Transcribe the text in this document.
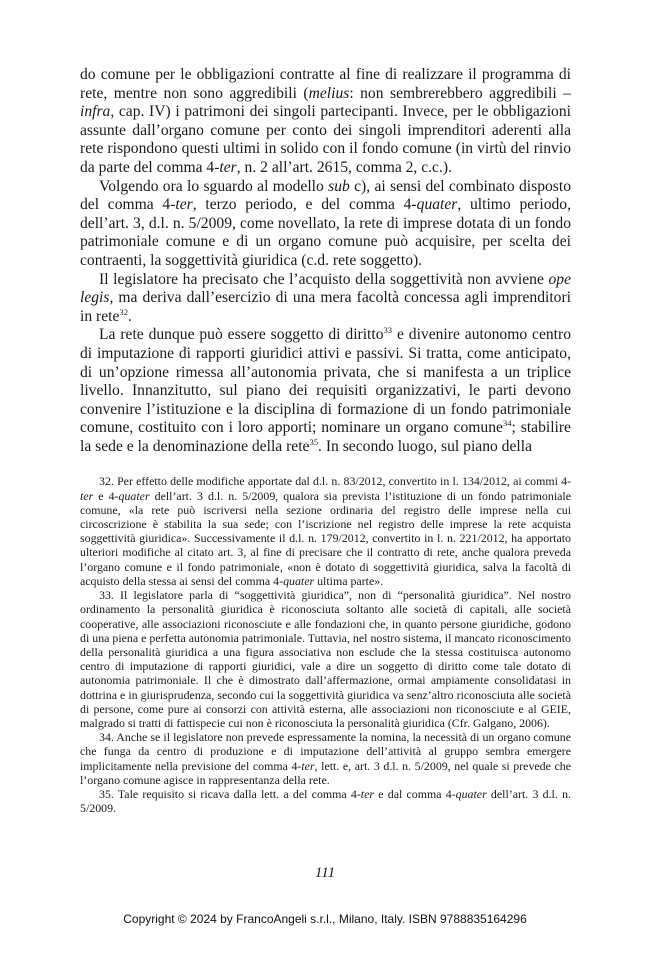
do comune per le obbligazioni contratte al fine di realizzare il programma di rete, mentre non sono aggredibili (melius: non sembrerebbero aggredibili – infra, cap. IV) i patrimoni dei singoli partecipanti. Invece, per le obbligazioni assunte dall’organo comune per conto dei singoli imprenditori aderenti alla rete rispondono questi ultimi in solido con il fondo comune (in virtù del rinvio da parte del comma 4-ter, n. 2 all’art. 2615, comma 2, c.c.).

Volgendo ora lo sguardo al modello sub c), ai sensi del combinato disposto del comma 4-ter, terzo periodo, e del comma 4-quater, ultimo periodo, dell’art. 3, d.l. n. 5/2009, come novellato, la rete di imprese dotata di un fondo patrimoniale comune e di un organo comune può acquisire, per scelta dei contraenti, la soggettività giuridica (c.d. rete soggetto).

Il legislatore ha precisato che l’acquisto della soggettività non avviene ope legis, ma deriva dall’esercizio di una mera facoltà concessa agli imprenditori in rete$^{32}$.

La rete dunque può essere soggetto di diritto$^{33}$ e divenire autonomo centro di imputazione di rapporti giuridici attivi e passivi. Si tratta, come anticipato, di un’opzione rimessa all’autonomia privata, che si manifesta a un triplice livello. Innanzitutto, sul piano dei requisiti organizzativi, le parti devono convenire l’istituzione e la disciplina di formazione di un fondo patrimoniale comune, costituito con i loro apporti; nominare un organo comune$^{34}$; stabilire la sede e la denominazione della rete$^{35}$. In secondo luogo, sul piano della

32. Per effetto delle modifiche apportate dal d.l. n. 83/2012, convertito in l. 134/2012, ai commi 4-ter e 4-quater dell’art. 3 d.l. n. 5/2009, qualora sia prevista l’istituzione di un fondo patrimoniale comune, «la rete può iscriversi nella sezione ordinaria del registro delle imprese nella cui circoscrizione è stabilita la sua sede; con l’iscrizione nel registro delle imprese la rete acquista soggettività giuridica». Successivamente il d.l. n. 179/2012, convertito in l. n. 221/2012, ha apportato ulteriori modifiche al citato art. 3, al fine di precisare che il contratto di rete, anche qualora preveda l’organo comune e il fondo patrimoniale, «non è dotato di soggettività giuridica, salva la facoltà di acquisto della stessa ai sensi del comma 4-quater ultima parte».

33. Il legislatore parla di “soggettività giuridica”, non di “personalità giuridica”. Nel nostro ordinamento la personalità giuridica è riconosciuta soltanto alle società di capitali, alle società cooperative, alle associazioni riconosciute e alle fondazioni che, in quanto persone giuridiche, godono di una piena e perfetta autonomia patrimoniale. Tuttavia, nel nostro sistema, il mancato riconoscimento della personalità giuridica a una figura associativa non esclude che la stessa costituisca autonomo centro di imputazione di rapporti giuridici, vale a dire un soggetto di diritto come tale dotato di autonomia patrimoniale. Il che è dimostrato dall’affermazione, ormai ampiamente consolidatasi in dottrina e in giurisprudenza, secondo cui la soggettività giuridica va senz’altro riconosciuta alle società di persone, come pure ai consorzi con attività esterna, alle associazioni non riconosciute e al GEIE, malgrado si tratti di fattispecie cui non è riconosciuta la personalità giuridica (Cfr. Galgano, 2006).

34. Anche se il legislatore non prevede espressamente la nomina, la necessità di un organo comune che funga da centro di produzione e di imputazione dell’attività al gruppo sembra emergere implicitamente nella previsione del comma 4-ter, lett. e, art. 3 d.l. n. 5/2009, nel quale si prevede che l’organo comune agisce in rappresentanza della rete.

35. Tale requisito si ricava dalla lett. a del comma 4-ter e dal comma 4-quater dell’art. 3 d.l. n. 5/2009.

111
Copyright © 2024 by FrancoAngeli s.r.l., Milano, Italy. ISBN 9788835164296
